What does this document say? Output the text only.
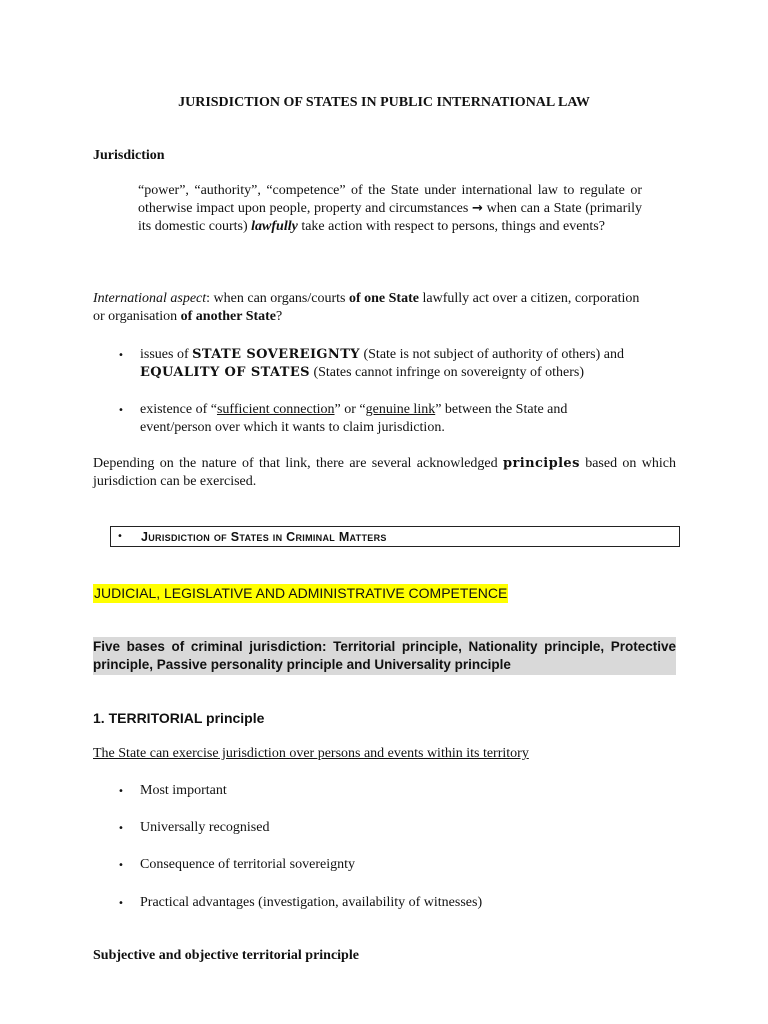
JURISDICTION OF STATES IN PUBLIC INTERNATIONAL LAW
Jurisdiction
“power”, “authority”, “competence” of the State under international law to regulate or otherwise impact upon people, property and circumstances → when can a State (primarily its domestic courts) lawfully take action with respect to persons, things and events?
International aspect: when can organs/courts of one State lawfully act over a citizen, corporation or organisation of another State?
• issues of STATE SOVEREIGNTY (State is not subject of authority of others) and
EQUALITY OF STATES (States cannot infringe on sovereignty of others)
• existence of “sufficient connection” or “genuine link” between the State and
event/person over which it wants to claim jurisdiction.
Depending on the nature of that link, there are several acknowledged principles based on which jurisdiction can be exercised.
• Jurisdiction of States in Criminal Matters
JUDICIAL, LEGISLATIVE AND ADMINISTRATIVE COMPETENCE
Five bases of criminal jurisdiction: Territorial principle, Nationality principle, Protective principle, Passive personality principle and Universality principle
1. TERRITORIAL principle
The State can exercise jurisdiction over persons and events within its territory
• Most important
• Universally recognised
• Consequence of territorial sovereignty
• Practical advantages (investigation, availability of witnesses)
Subjective and objective territorial principle
